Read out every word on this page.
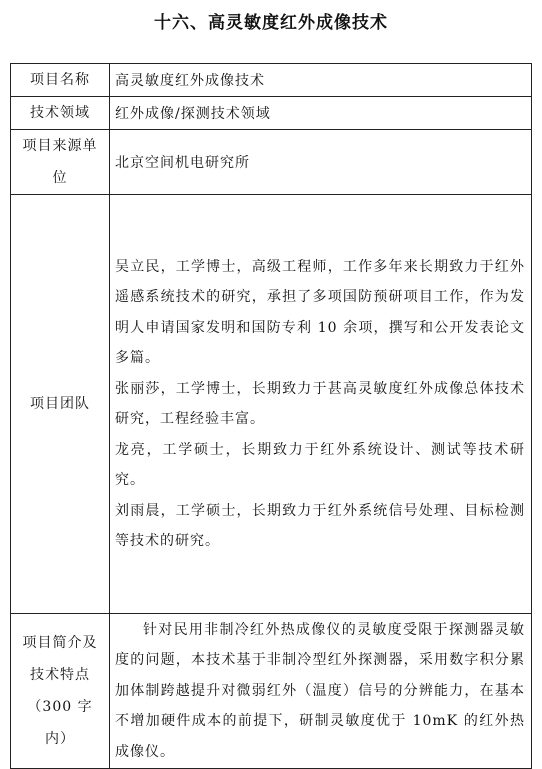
十六、高灵敏度红外成像技术
项目名称	高灵敏度红外成像技术
技术领域	红外成像/探测技术领域

项目来源单
位	北京空间机电研究所
项目团队	吴立民，工学博士，高级工程师，工作多年来长期致力于红外遥感系统技术的研究，承担了多项国防预研项目工作，作为发明人申请国家发明和国防专利 10 余项，撰写和公开发表论文多篇。

张丽莎，工学博士，长期致力于甚高灵敏度红外成像总体技术研究，工程经验丰富。

龙亮，工学硕士，长期致力于红外系统设计、测试等技术研究。

刘雨晨，工学硕士，长期致力于红外系统信号处理、目标检测等技术的研究。

项目简介及
技术特点
（300 字
内）	针对民用非制冷红外热成像仪的灵敏度受限于探测器灵敏度的问题，本技术基于非制冷型红外探测器，采用数字积分累加体制跨越提升对微弱红外（温度）信号的分辨能力，在基本不增加硬件成本的前提下，研制灵敏度优于 10mK 的红外热成像仪。
